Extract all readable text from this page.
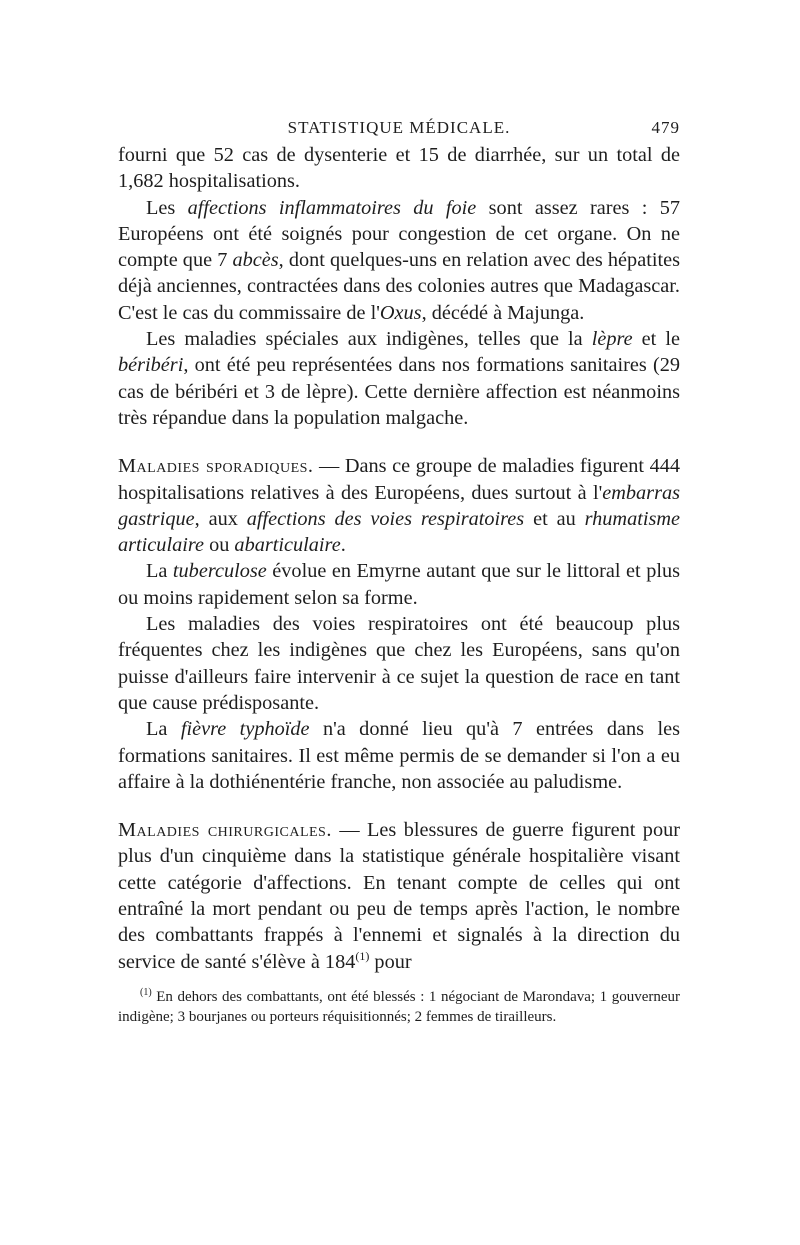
STATISTIQUE MÉDICALE.	479

fourni que 52 cas de dysenterie et 15 de diarrhée, sur un total de 1,682 hospitalisations.

Les affections inflammatoires du foie sont assez rares : 57 Européens ont été soignés pour congestion de cet organe. On ne compte que 7 abcès, dont quelques-uns en relation avec des hépatites déjà anciennes, contractées dans des colonies autres que Madagascar. C'est le cas du commissaire de l'Oxus, décédé à Majunga.

Les maladies spéciales aux indigènes, telles que la lèpre et le béribéri, ont été peu représentées dans nos formations sanitaires (29 cas de béribéri et 3 de lèpre). Cette dernière affection est néanmoins très répandue dans la population malgache.

Maladies sporadiques. — Dans ce groupe de maladies figurent 444 hospitalisations relatives à des Européens, dues surtout à l'embarras gastrique, aux affections des voies respiratoires et au rhumatisme articulaire ou abarticulaire.

La tuberculose évolue en Emyrne autant que sur le littoral et plus ou moins rapidement selon sa forme.

Les maladies des voies respiratoires ont été beaucoup plus fréquentes chez les indigènes que chez les Européens, sans qu'on puisse d'ailleurs faire intervenir à ce sujet la question de race en tant que cause prédisposante.

La fièvre typhoïde n'a donné lieu qu'à 7 entrées dans les formations sanitaires. Il est même permis de se demander si l'on a eu affaire à la dothiénentérie franche, non associée au paludisme.

Maladies chirurgicales. — Les blessures de guerre figurent pour plus d'un cinquième dans la statistique générale hospitalière visant cette catégorie d'affections. En tenant compte de celles qui ont entraîné la mort pendant ou peu de temps après l'action, le nombre des combattants frappés à l'ennemi et signalés à la direction du service de santé s'élève à 184$^{(1)}$ pour

$^{(1)}$ En dehors des combattants, ont été blessés : 1 négociant de Marondava; 1 gouverneur indigène; 3 bourjanes ou porteurs réquisitionnés; 2 femmes de tirailleurs.
